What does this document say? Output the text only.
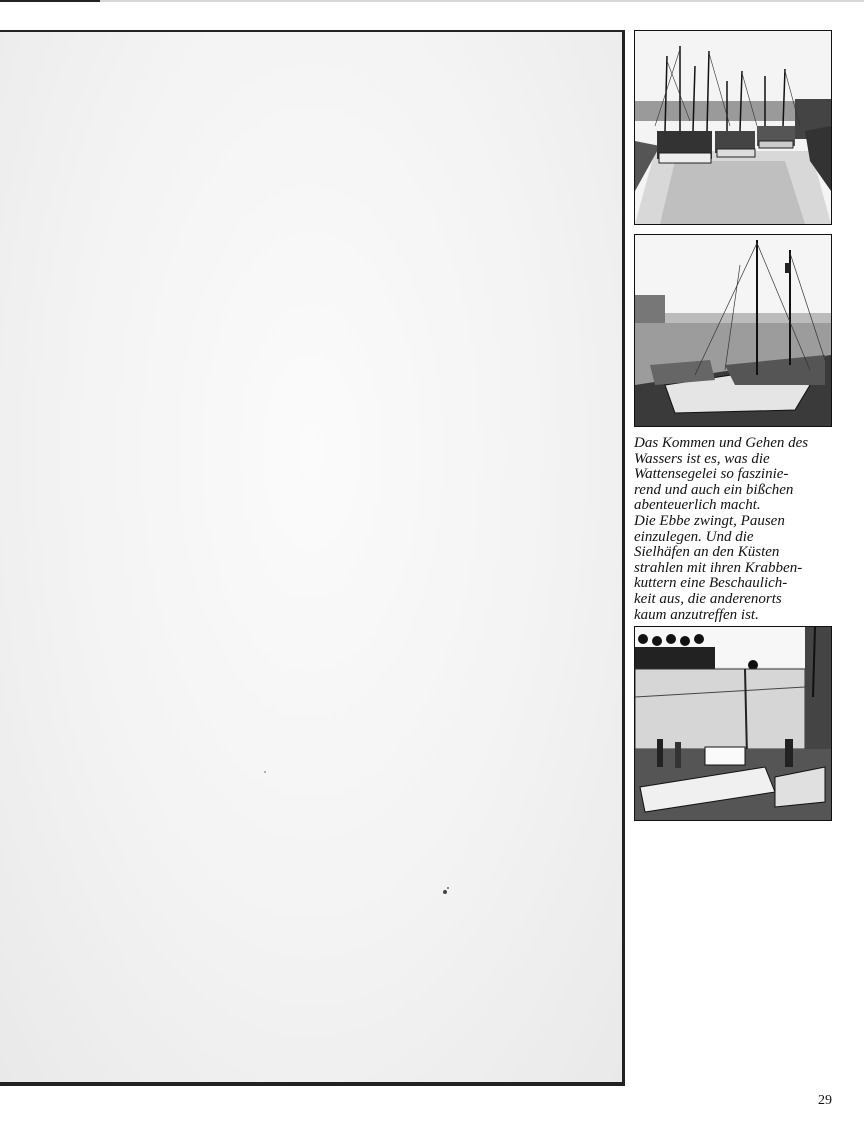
Das Kommen und Gehen des
Wassers ist es, was die
Wattensegelei so faszinie-
rend und auch ein bißchen
abenteuerlich macht.
Die Ebbe zwingt, Pausen
einzulegen. Und die
Sielhäfen an den Küsten
strahlen mit ihren Krabben-
kuttern eine Beschaulich-
keit aus, die anderenorts
kaum anzutreffen ist.
29
